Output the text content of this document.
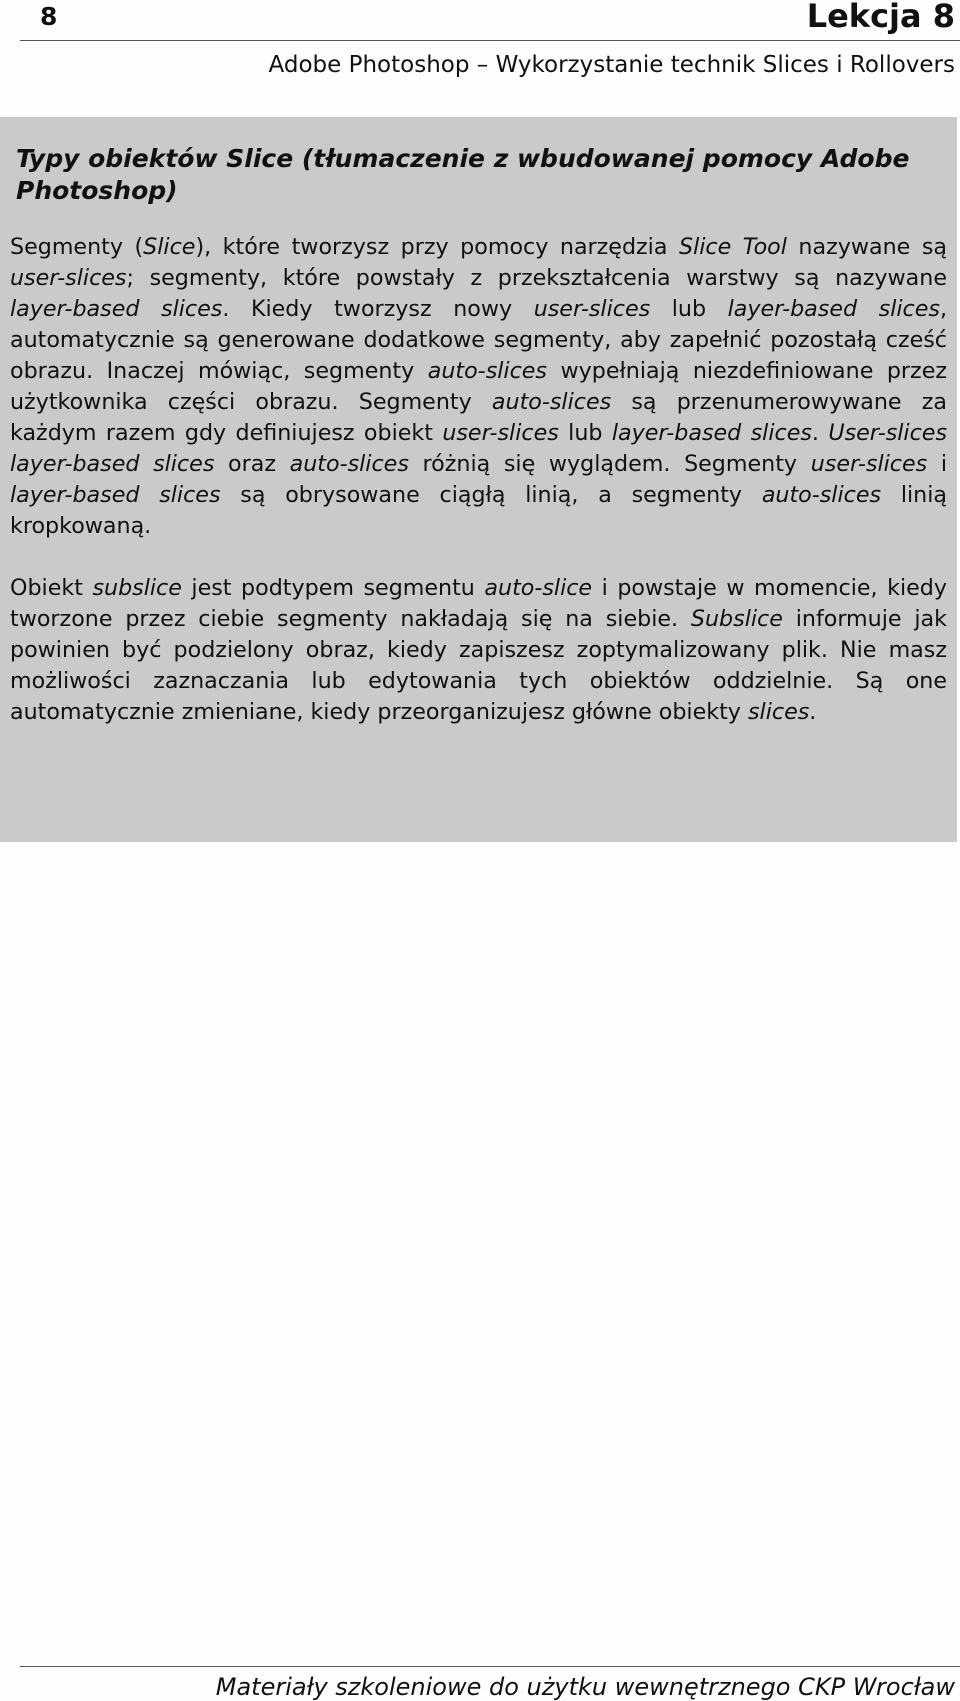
8	Lekcja 8
Adobe Photoshop – Wykorzystanie technik Slices i Rollovers
Typy obiektów Slice (tłumaczenie z wbudowanej pomocy Adobe Photoshop)

Segmenty (Slice), które tworzysz przy pomocy narzędzia Slice Tool nazywane są user-slices; segmenty, które powstały z przekształcenia warstwy są nazywane layer-based slices. Kiedy tworzysz nowy user-slices lub layer-based slices, automatycznie są generowane dodatkowe segmenty, aby zapełnić pozostałą cześć obrazu. Inaczej mówiąc, segmenty auto-slices wypełniają niezdefiniowane przez użytkownika części obrazu. Segmenty auto-slices są przenumerowywane za każdym razem gdy definiujesz obiekt user-slices lub layer-based slices. User-slices layer-based slices oraz auto-slices różnią się wyglądem. Segmenty user-slices i layer-based slices są obrysowane ciągłą linią, a segmenty auto-slices linią kropkowaną.

Obiekt subslice jest podtypem segmentu auto-slice i powstaje w momencie, kiedy tworzone przez ciebie segmenty nakładają się na siebie. Subslice informuje jak powinien być podzielony obraz, kiedy zapiszesz zoptymalizowany plik. Nie masz możliwości zaznaczania lub edytowania tych obiektów oddzielnie. Są one automatycznie zmieniane, kiedy przeorganizujesz główne obiekty slices.

Materiały szkoleniowe do użytku wewnętrznego CKP Wrocław
